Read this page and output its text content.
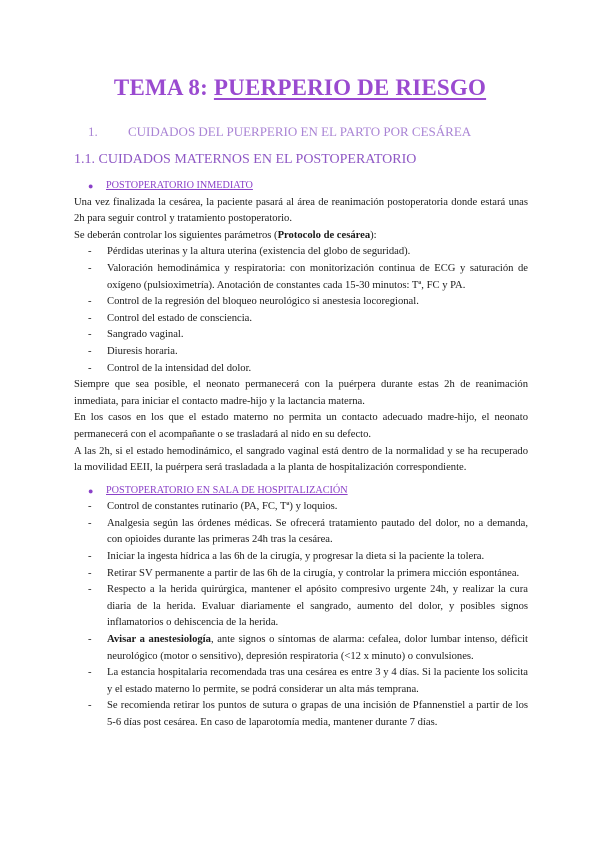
TEMA 8: PUERPERIO DE RIESGO
1. CUIDADOS DEL PUERPERIO EN EL PARTO POR CESÁREA
1.1. CUIDADOS MATERNOS EN EL POSTOPERATORIO
● POSTOPERATORIO INMEDIATO
Una vez finalizada la cesárea, la paciente pasará al área de reanimación postoperatoria donde estará unas 2h para seguir control y tratamiento postoperatorio.
Se deberán controlar los siguientes parámetros (Protocolo de cesárea):
- Pérdidas uterinas y la altura uterina (existencia del globo de seguridad).
- Valoración hemodinámica y respiratoria: con monitorización continua de ECG y saturación de oxígeno (pulsioximetría). Anotación de constantes cada 15-30 minutos: Tª, FC y PA.
- Control de la regresión del bloqueo neurológico si anestesia locoregional.
- Control del estado de consciencia.
- Sangrado vaginal.
- Diuresis horaria.
- Control de la intensidad del dolor.
Siempre que sea posible, el neonato permanecerá con la puérpera durante estas 2h de reanimación inmediata, para iniciar el contacto madre-hijo y la lactancia materna.
En los casos en los que el estado materno no permita un contacto adecuado madre-hijo, el neonato permanecerá con el acompañante o se trasladará al nido en su defecto.
A las 2h, si el estado hemodinámico, el sangrado vaginal está dentro de la normalidad y se ha recuperado la movilidad EEII, la puérpera será trasladada a la planta de hospitalización correspondiente.
● POSTOPERATORIO EN SALA DE HOSPITALIZACIÓN
- Control de constantes rutinario (PA, FC, Tª) y loquios.
- Analgesia según las órdenes médicas. Se ofrecerá tratamiento pautado del dolor, no a demanda, con opioides durante las primeras 24h tras la cesárea.
- Iniciar la ingesta hídrica a las 6h de la cirugía, y progresar la dieta si la paciente la tolera.
- Retirar SV permanente a partir de las 6h de la cirugía, y controlar la primera micción espontánea.
- Respecto a la herida quirúrgica, mantener el apósito compresivo urgente 24h, y realizar la cura diaria de la herida. Evaluar diariamente el sangrado, aumento del dolor, y posibles signos inflamatorios o dehiscencia de la herida.
- Avisar a anestesiología, ante signos o síntomas de alarma: cefalea, dolor lumbar intenso, déficit neurológico (motor o sensitivo), depresión respiratoria (<12 x minuto) o convulsiones.
- La estancia hospitalaria recomendada tras una cesárea es entre 3 y 4 días. Si la paciente los solicita y el estado materno lo permite, se podrá considerar un alta más temprana.
- Se recomienda retirar los puntos de sutura o grapas de una incisión de Pfannenstiel a partir de los 5-6 días post cesárea. En caso de laparotomía media, mantener durante 7 días.
